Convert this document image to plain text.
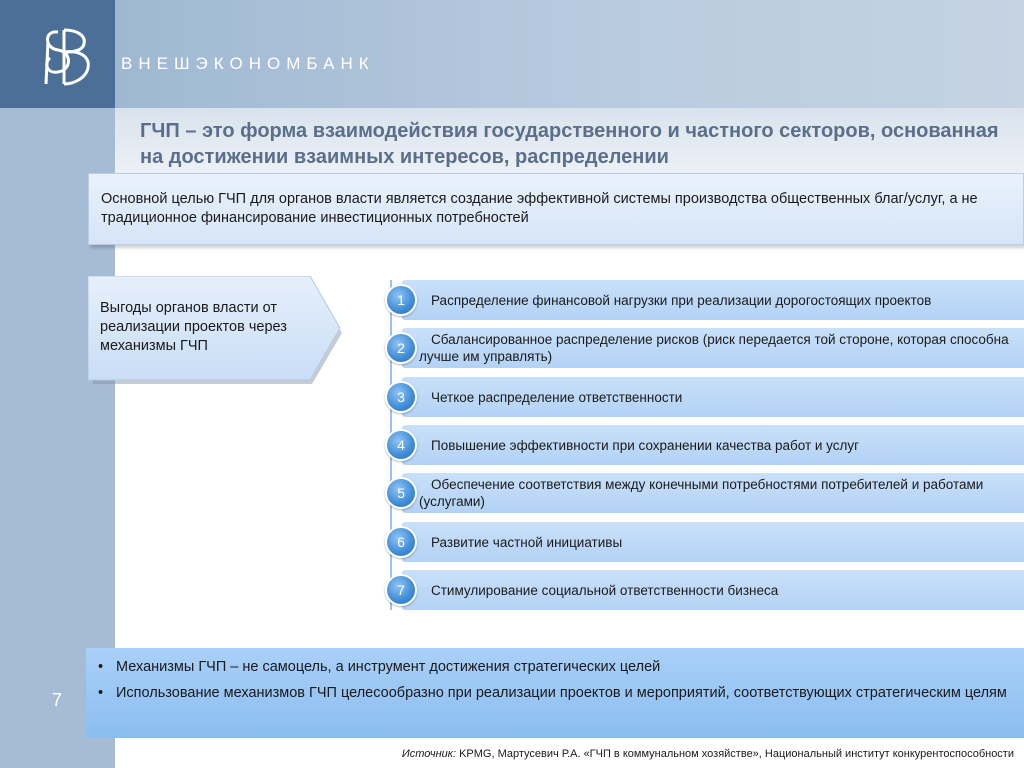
ВНЕШЭКОНОМБАНК
ГЧП – это форма взаимодействия государственного и частного секторов, основанная на достижении взаимных интересов, распределении
Основной целью ГЧП для органов власти является создание эффективной системы производства общественных благ/услуг, а не традиционное финансирование инвестиционных потребностей
Выгоды органов власти от реализации проектов через механизмы ГЧП
1	Распределение финансовой нагрузки при реализации дорогостоящих проектов
2
Сбалансированное распределение рисков (риск передается той стороне, которая способна лучше им управлять)
3	Четкое распределение ответственности
4	Повышение эффективности при сохранении качества работ и услуг
5
Обеспечение соответствия между конечными потребностями потребителей и работами (услугами)
6	Развитие частной инициативы
7	Стимулирование социальной ответственности бизнеса
• Механизмы ГЧП – не самоцель, а инструмент достижения стратегических целей
• Использование механизмов ГЧП целесообразно при реализации проектов и мероприятий, соответствующих стратегическим целям
7
Источник: KPMG, Мартусевич Р.А. «ГЧП в коммунальном хозяйстве», Национальный институт конкурентоспособности
